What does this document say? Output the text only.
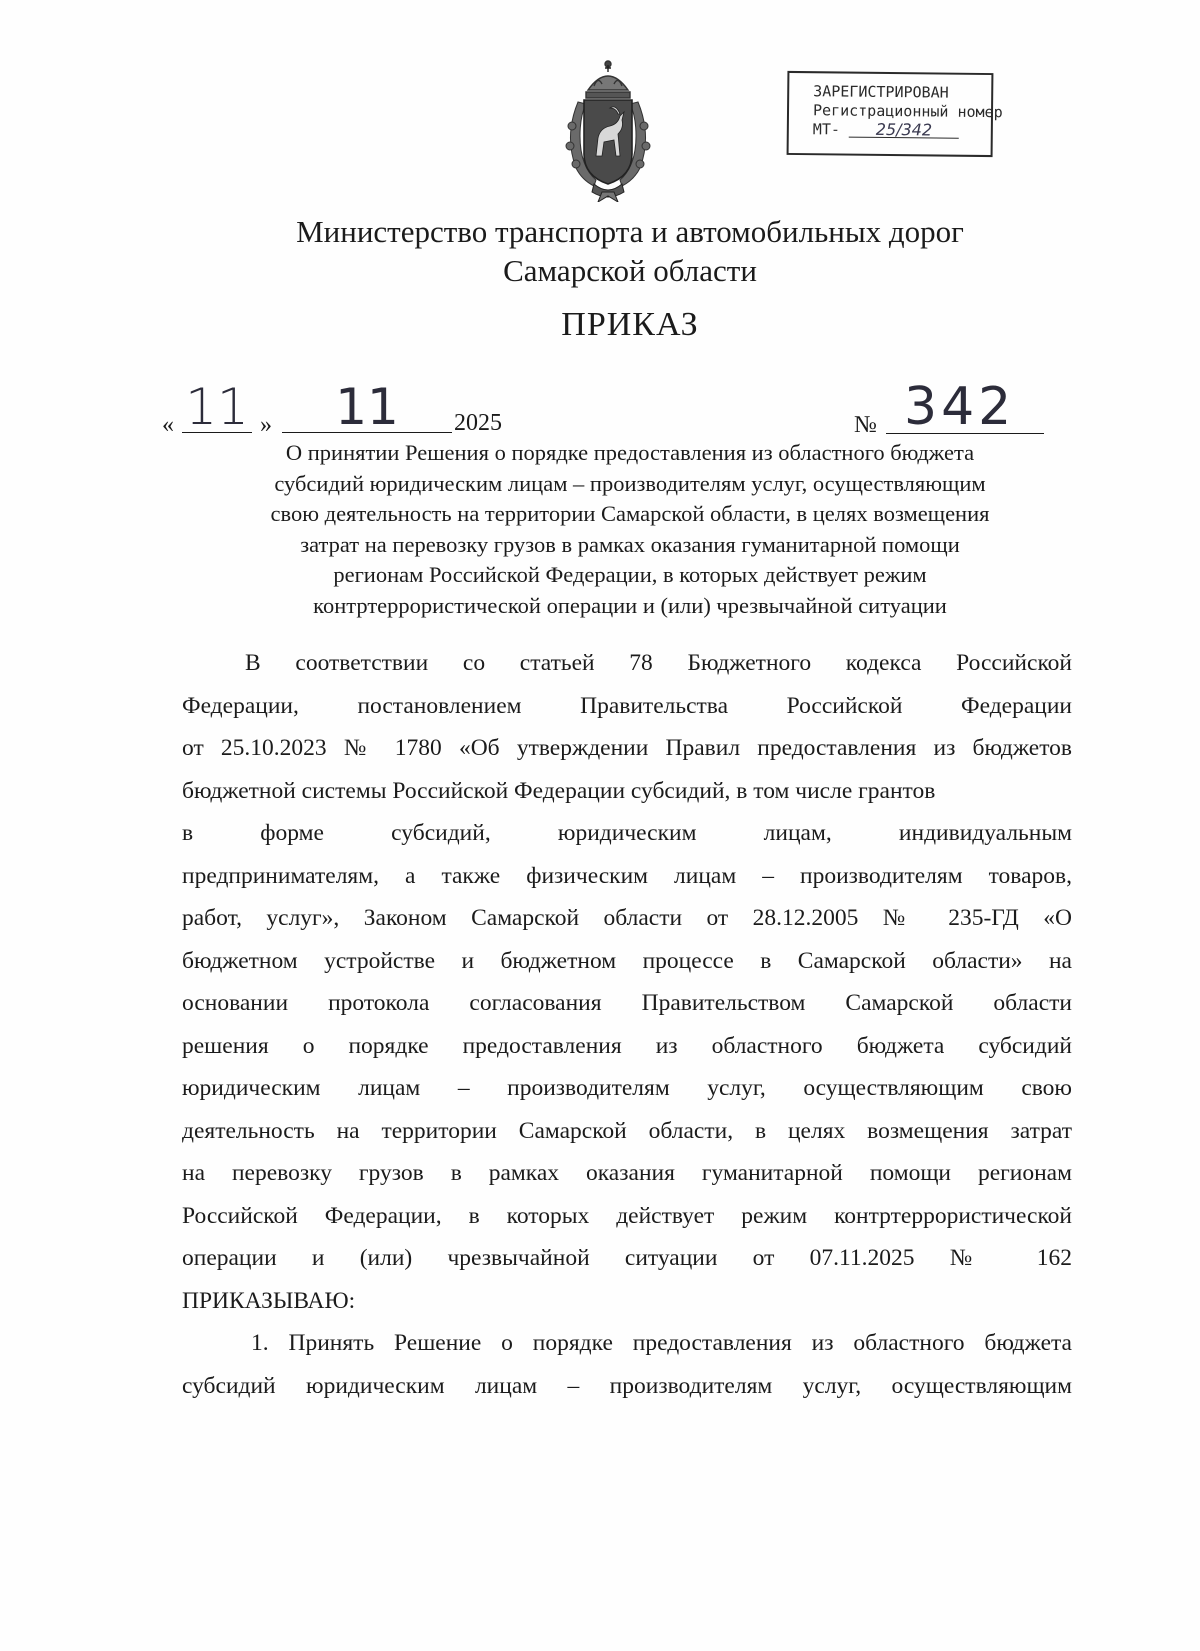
ЗАРЕГИСТРИРОВАН
Регистрационный номер
МТ- 25/342
Министерство транспорта и автомобильных дорог
Самарской области
ПРИКАЗ
« 11 »	11	2025	№ 342
О принятии Решения о порядке предоставления из областного бюджета
субсидий юридическим лицам – производителям услуг, осуществляющим
свою деятельность на территории Самарской области, в целях возмещения
затрат на перевозку грузов в рамках оказания гуманитарной помощи
регионам Российской Федерации, в которых действует режим
контртеррористической операции и (или) чрезвычайной ситуации
В соответствии со статьей 78 Бюджетного кодекса Российской
Федерации, постановлением Правительства Российской Федерации
от 25.10.2023 № 1780 «Об утверждении Правил предоставления из бюджетов
бюджетной системы Российской Федерации субсидий, в том числе грантов
в форме субсидий, юридическим лицам, индивидуальным
предпринимателям, а также физическим лицам – производителям товаров,
работ, услуг», Законом Самарской области от 28.12.2005 № 235-ГД «О
бюджетном устройстве и бюджетном процессе в Самарской области» на
основании протокола согласования Правительством Самарской области
решения о порядке предоставления из областного бюджета субсидий
юридическим лицам – производителям услуг, осуществляющим свою
деятельность на территории Самарской области, в целях возмещения затрат
на перевозку грузов в рамках оказания гуманитарной помощи регионам
Российской Федерации, в которых действует режим контртеррористической
операции и (или) чрезвычайной ситуации от 07.11.2025 № 162
ПРИКАЗЫВАЮ:
1. Принять Решение о порядке предоставления из областного бюджета
субсидий юридическим лицам – производителям услуг, осуществляющим
